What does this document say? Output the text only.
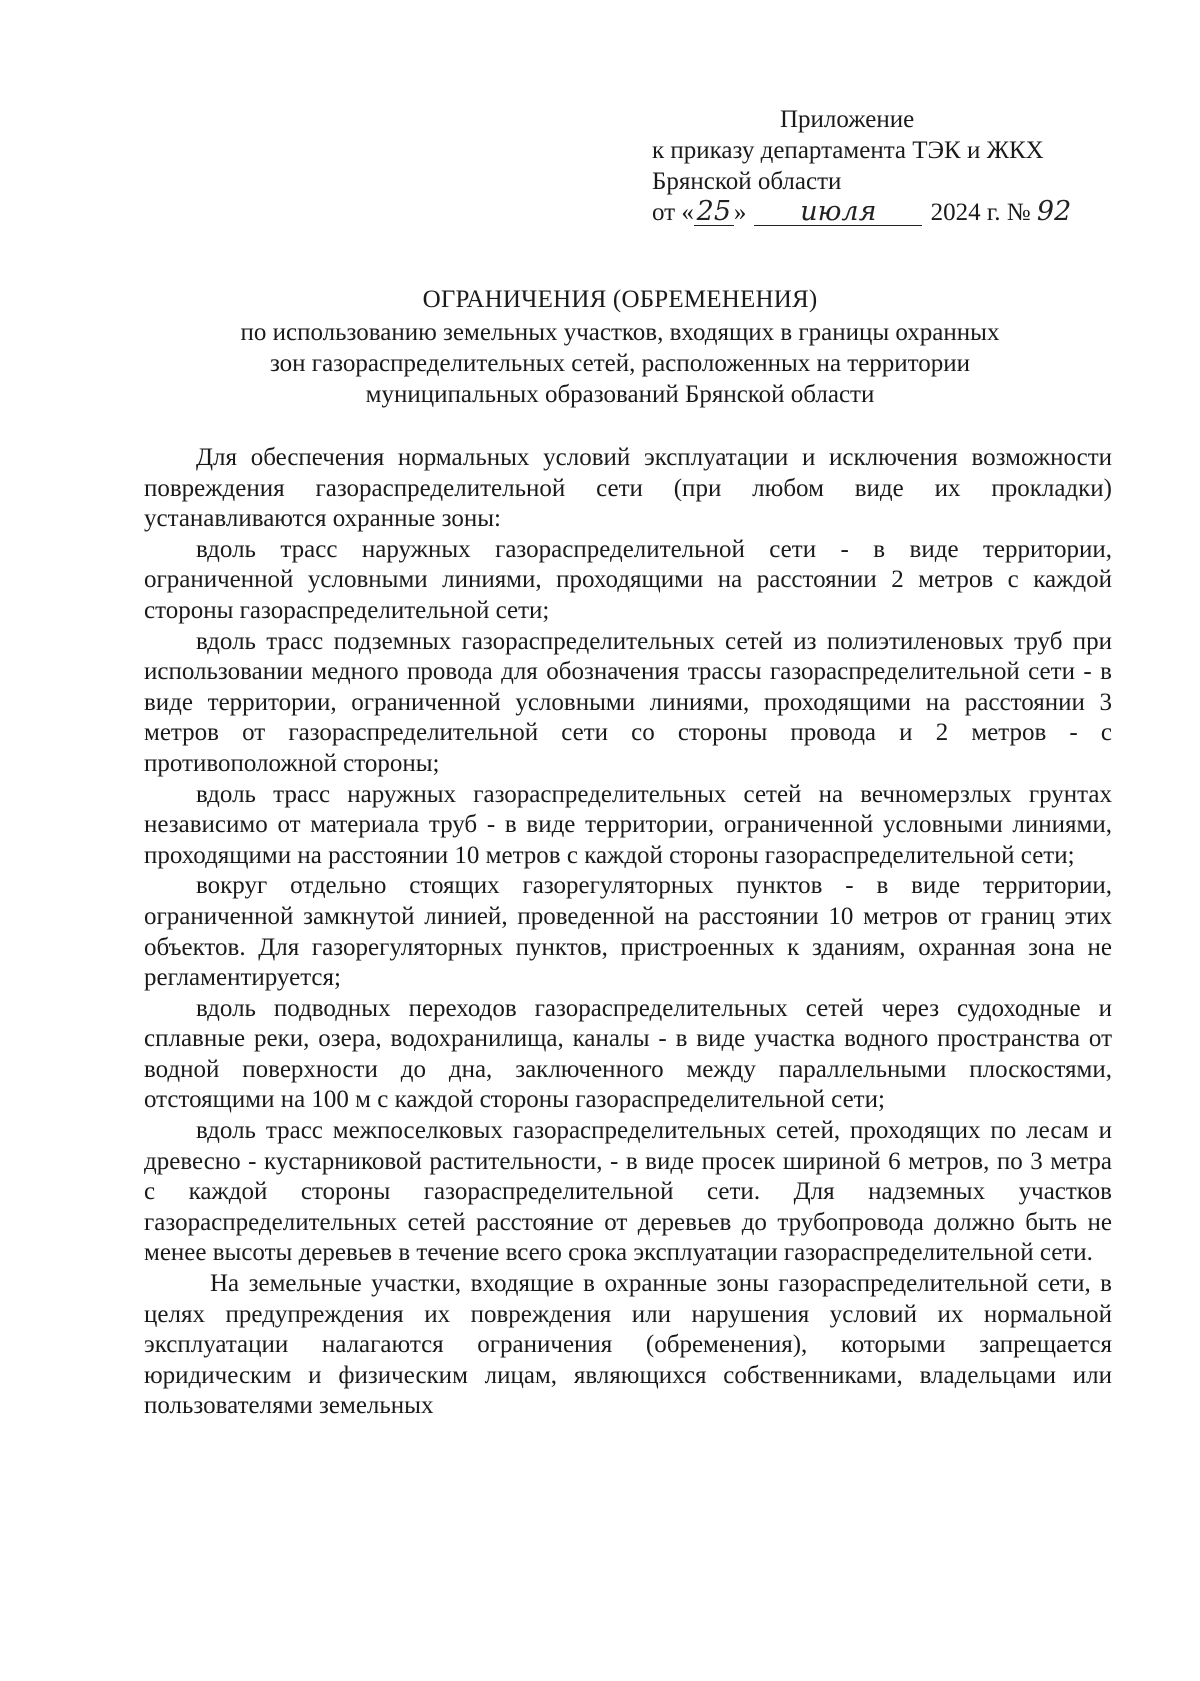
Приложение
к приказу департамента ТЭК и ЖКХ
Брянской области
от « 25 » июля 2024 г. № 92
ОГРАНИЧЕНИЯ (ОБРЕМЕНЕНИЯ)
по использованию земельных участков, входящих в границы охранных
зон газораспределительных сетей, расположенных на территории
муниципальных образований Брянской области

Для обеспечения нормальных условий эксплуатации и исключения возможности повреждения газораспределительной сети (при любом виде их прокладки) устанавливаются охранные зоны:

вдоль трасс наружных газораспределительной сети - в виде территории, ограниченной условными линиями, проходящими на расстоянии 2 метров с каждой стороны газораспределительной сети;

вдоль трасс подземных газораспределительных сетей из полиэтиленовых труб при использовании медного провода для обозначения трассы газораспределительной сети - в виде территории, ограниченной условными линиями, проходящими на расстоянии 3 метров от газораспределительной сети со стороны провода и 2 метров - с противоположной стороны;

вдоль трасс наружных газораспределительных сетей на вечномерзлых грунтах независимо от материала труб - в виде территории, ограниченной условными линиями, проходящими на расстоянии 10 метров с каждой стороны газораспределительной сети;

вокруг отдельно стоящих газорегуляторных пунктов - в виде территории, ограниченной замкнутой линией, проведенной на расстоянии 10 метров от границ этих объектов. Для газорегуляторных пунктов, пристроенных к зданиям, охранная зона не регламентируется;

вдоль подводных переходов газораспределительных сетей через судоходные и сплавные реки, озера, водохранилища, каналы - в виде участка водного пространства от водной поверхности до дна, заключенного между параллельными плоскостями, отстоящими на 100 м с каждой стороны газораспределительной сети;

вдоль трасс межпоселковых газораспределительных сетей, проходящих по лесам и древесно - кустарниковой растительности, - в виде просек шириной 6 метров, по 3 метра с каждой стороны газораспределительной сети. Для надземных участков газораспределительных сетей расстояние от деревьев до трубопровода должно быть не менее высоты деревьев в течение всего срока эксплуатации газораспределительной сети.

На земельные участки, входящие в охранные зоны газораспределительной сети, в целях предупреждения их повреждения или нарушения условий их нормальной эксплуатации налагаются ограничения (обременения), которыми запрещается юридическим и физическим лицам, являющихся собственниками, владельцами или пользователями земельных
